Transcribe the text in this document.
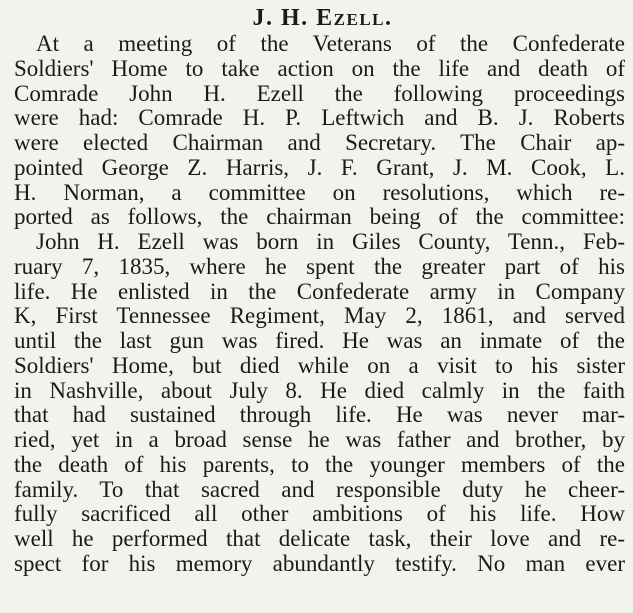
J. H. Ezell.
At a meeting of the Veterans of the Confederate
Soldiers' Home to take action on the life and death of
Comrade John H. Ezell the following proceedings
were had: Comrade H. P. Leftwich and B. J. Roberts
were elected Chairman and Secretary. The Chair ap-
pointed George Z. Harris, J. F. Grant, J. M. Cook, L.
H. Norman, a committee on resolutions, which re-
ported as follows, the chairman being of the committee:
John H. Ezell was born in Giles County, Tenn., Feb-
ruary 7, 1835, where he spent the greater part of his
life. He enlisted in the Confederate army in Company
K, First Tennessee Regiment, May 2, 1861, and served
until the last gun was fired. He was an inmate of the
Soldiers' Home, but died while on a visit to his sister
in Nashville, about July 8. He died calmly in the faith
that had sustained through life. He was never mar-
ried, yet in a broad sense he was father and brother, by
the death of his parents, to the younger members of the
family. To that sacred and responsible duty he cheer-
fully sacrificed all other ambitions of his life. How
well he performed that delicate task, their love and re-
spect for his memory abundantly testify. No man ever
